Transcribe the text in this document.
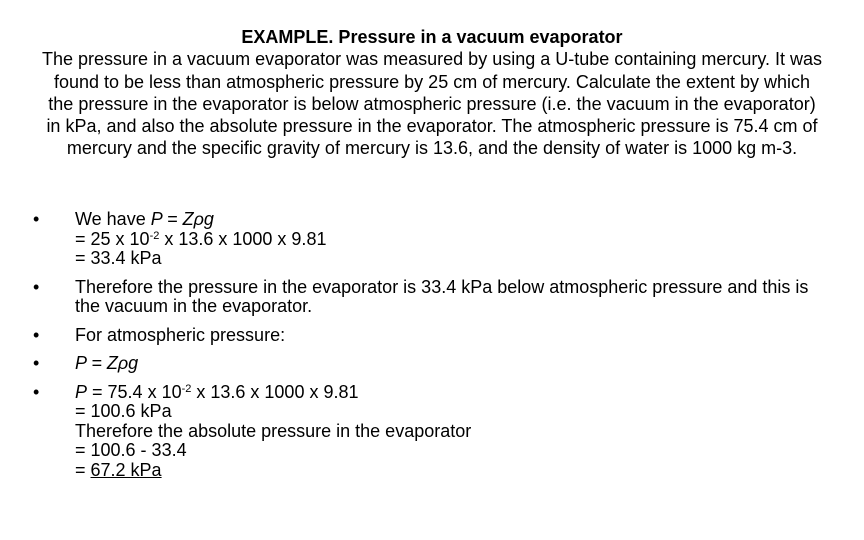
EXAMPLE. Pressure in a vacuum evaporator
The pressure in a vacuum evaporator was measured by using a U-tube containing mercury. It was found to be less than atmospheric pressure by 25 cm of mercury. Calculate the extent by which the pressure in the evaporator is below atmospheric pressure (i.e. the vacuum in the evaporator) in kPa, and also the absolute pressure in the evaporator. The atmospheric pressure is 75.4 cm of mercury and the specific gravity of mercury is 13.6, and the density of water is 1000 kg m-3.
•	We have P = Zρg
= 25 x $10^{-2}$ x 13.6 x 1000 x 9.81
= 33.4 kPa
•	Therefore the pressure in the evaporator is 33.4 kPa below atmospheric pressure and this is the vacuum in the evaporator.
•	For atmospheric pressure:
•	P = Zρg
•	P = 75.4 x $10^{-2}$ x 13.6 x 1000 x 9.81
= 100.6 kPa
Therefore the absolute pressure in the evaporator
= 100.6 - 33.4
= 67.2 kPa
